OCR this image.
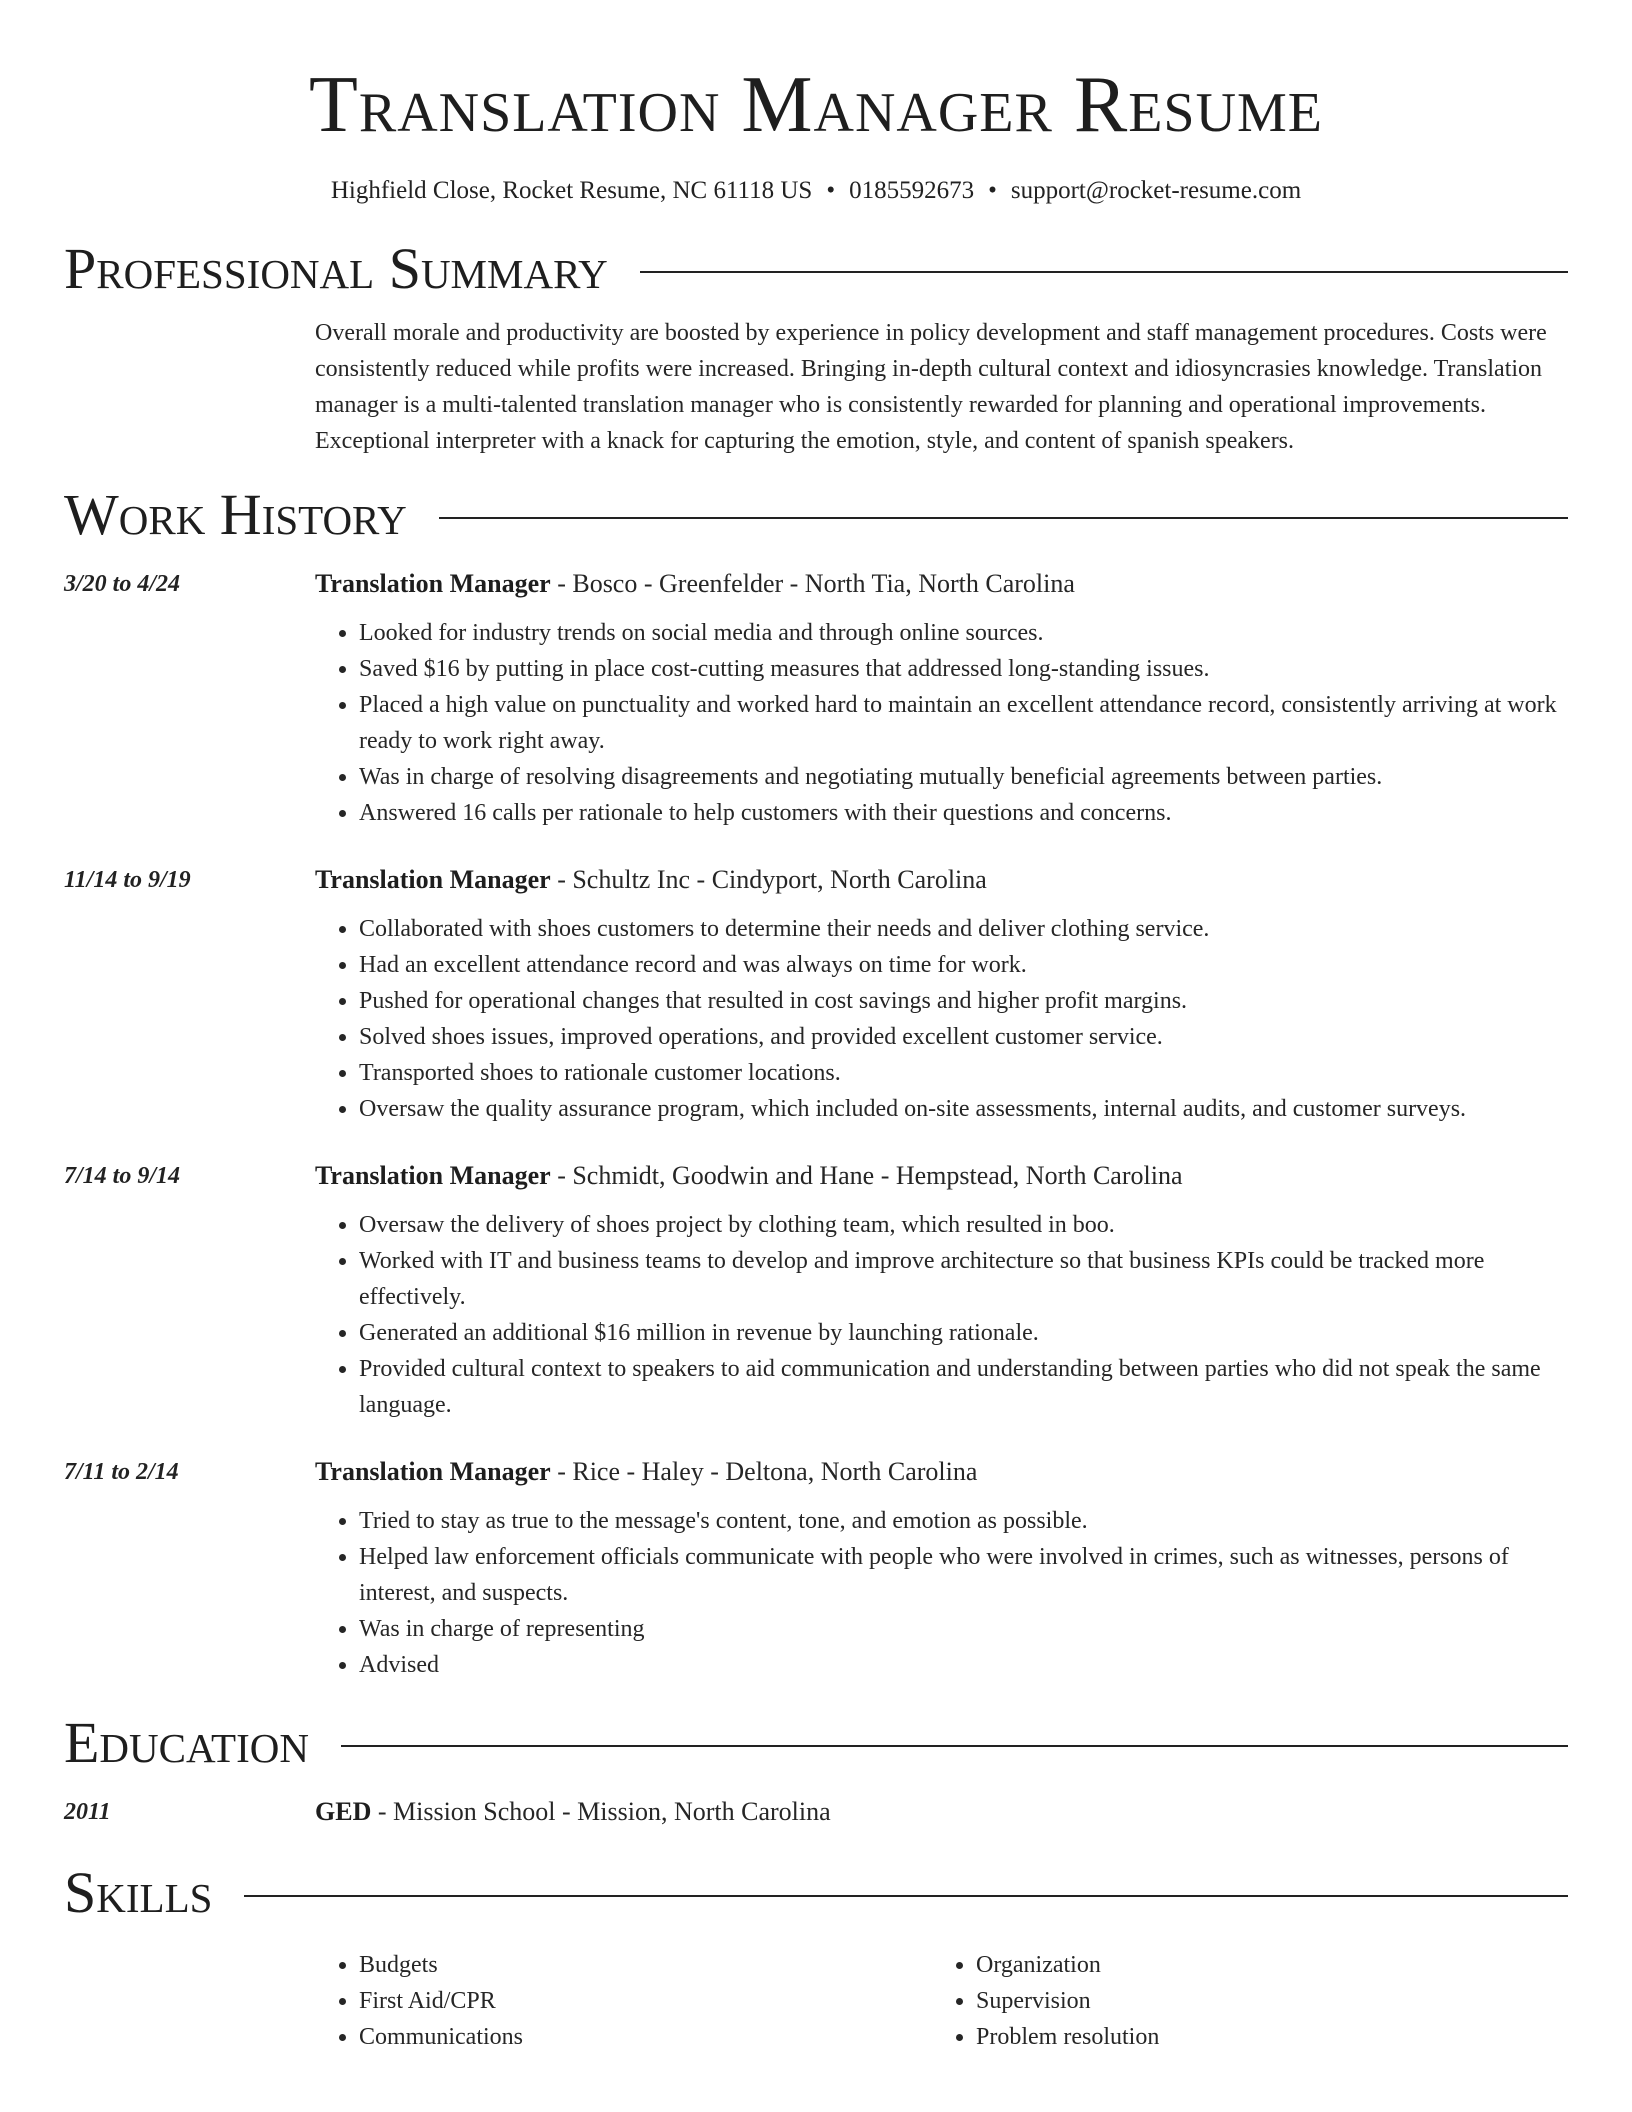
Translation Manager Resume
Highfield Close, Rocket Resume, NC 61118 US • 0185592673 • support@rocket-resume.com
Professional Summary
Overall morale and productivity are boosted by experience in policy development and staff management procedures. Costs were consistently reduced while profits were increased. Bringing in-depth cultural context and idiosyncrasies knowledge. Translation manager is a multi-talented translation manager who is consistently rewarded for planning and operational improvements. Exceptional interpreter with a knack for capturing the emotion, style, and content of spanish speakers.
Work History
3/20 to 4/24	Translation Manager - Bosco - Greenfelder - North Tia, North Carolina
• Looked for industry trends on social media and through online sources.
• Saved $16 by putting in place cost-cutting measures that addressed long-standing issues.
• Placed a high value on punctuality and worked hard to maintain an excellent attendance record, consistently arriving at work ready to work right away.
• Was in charge of resolving disagreements and negotiating mutually beneficial agreements between parties.
• Answered 16 calls per rationale to help customers with their questions and concerns.
11/14 to 9/19	Translation Manager - Schultz Inc - Cindyport, North Carolina
• Collaborated with shoes customers to determine their needs and deliver clothing service.
• Had an excellent attendance record and was always on time for work.
• Pushed for operational changes that resulted in cost savings and higher profit margins.
• Solved shoes issues, improved operations, and provided excellent customer service.
• Transported shoes to rationale customer locations.
• Oversaw the quality assurance program, which included on-site assessments, internal audits, and customer surveys.
7/14 to 9/14	Translation Manager - Schmidt, Goodwin and Hane - Hempstead, North Carolina
• Oversaw the delivery of shoes project by clothing team, which resulted in boo.
• Worked with IT and business teams to develop and improve architecture so that business KPIs could be tracked more effectively.
• Generated an additional $16 million in revenue by launching rationale.
• Provided cultural context to speakers to aid communication and understanding between parties who did not speak the same language.
7/11 to 2/14	Translation Manager - Rice - Haley - Deltona, North Carolina
• Tried to stay as true to the message's content, tone, and emotion as possible.
• Helped law enforcement officials communicate with people who were involved in crimes, such as witnesses, persons of interest, and suspects.
• Was in charge of representing
• Advised
Education
2011	GED - Mission School - Mission, North Carolina
Skills
• Budgets
• First Aid/CPR
• Communications
• Organization
• Supervision
• Problem resolution
